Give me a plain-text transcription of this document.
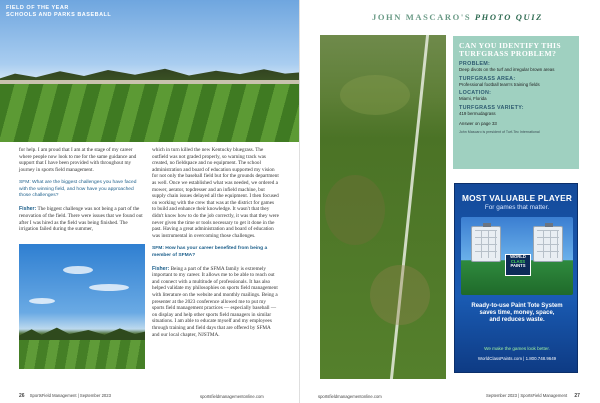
FIELD OF THE YEAR
SCHOOLS AND PARKS BASEBALL

for help. I am proud that I am at the stage of my career where people now look to me for the same guidance and support that I have been provided with throughout my journey in sports field management.

SFM: What are the biggest challenges you have faced with the winning field, and how have you approached those challenges?

Fisher: The biggest challenge was not being a part of the renovation of the field. There were issues that we found out after I was hired as the field was being finished. The irrigation failed during the summer,

which in turn killed the new Kentucky bluegrass. The outfield was not graded properly, so warning track was created, no fieldspace and no equipment. The school administration and board of education supported my vision for not only the baseball field but for the grounds department as well. Once we established what was needed, we ordered a mower, aerator, topdresser and an infield machine, but supply chain issues delayed all the equipment. I then focused on working with the crew that was at the district for games to build and enhance their knowledge. It wasn't that they didn't know how to do the job correctly, it was that they were never given the time or tools necessary to get it done in the past. Having a great administration and board of education was instrumental in overcoming those challenges.

SFM: How has your career benefited from being a member of SFMA?

Fisher: Being a part of the SFMA family is extremely important to my career. It allows me to be able to reach out and connect with a multitude of professionals. It has also helped validate my philosophies on sports field management with literature on the website and monthly mailings. Being a presenter at the 2023 conference allowed me to put my sports field management practices — especially baseball — on display and help other sports field managers in similar situations. I am able to educate myself and my employees through training and field days that are offered by SFMA and our local chapter, NJSTMA.

26 SportsField Management | September 2023	sportsfieldmanagementonline.com
JOHN MASCARO'S PHOTO QUIZ
CAN YOU IDENTIFY THIS TURFGRASS PROBLEM?
PROBLEM:
Deep divots on the turf and irregular brown areas
TURFGRASS AREA:
Professional football team's training fields
LOCATION:
Miami, Florida
TURFGRASS VARIETY:
419 bermudagrass
Answer on page 33
John Mascaro is president of Turf-Tec International
MOST VALUABLE PLAYER
For games that matter.
WORLD
CLASS
PAINTS
Ready-to-use Paint Tote System
saves time, money, space,
and reduces waste.
We make the games look better.
WorldClassPaints.com | 1.800.748.9649
sportsfieldmanagementonline.com	September 2023 | SportsField Management 27
